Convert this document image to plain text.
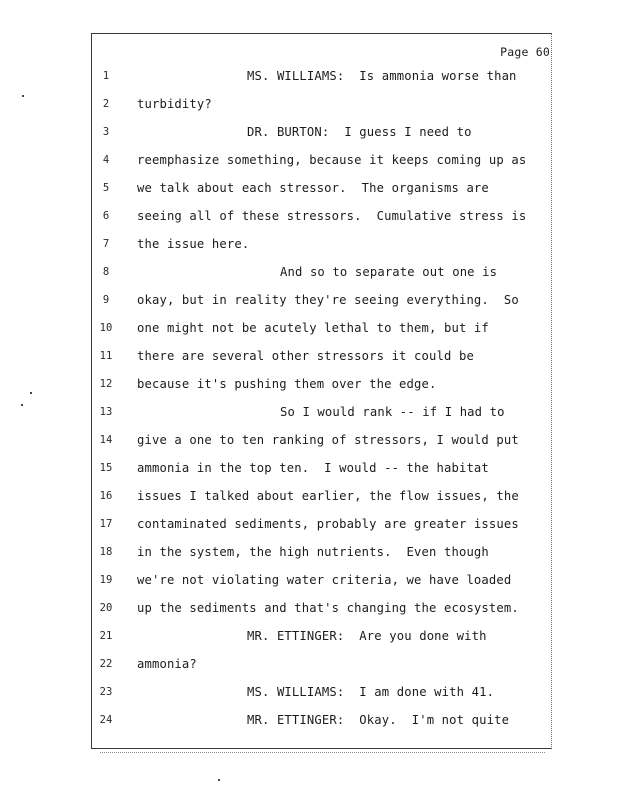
Page 60
1	MS. WILLIAMS:  Is ammonia worse than
2	turbidity?
3	DR. BURTON:  I guess I need to
4	reemphasize something, because it keeps coming up as
5	we talk about each stressor.  The organisms are
6	seeing all of these stressors.  Cumulative stress is
7	the issue here.
8	And so to separate out one is
9	okay, but in reality they're seeing everything.  So
10	one might not be acutely lethal to them, but if
11	there are several other stressors it could be
12	because it's pushing them over the edge.
13	So I would rank -- if I had to
14	give a one to ten ranking of stressors, I would put
15	ammonia in the top ten.  I would -- the habitat
16	issues I talked about earlier, the flow issues, the
17	contaminated sediments, probably are greater issues
18	in the system, the high nutrients.  Even though
19	we're not violating water criteria, we have loaded
20	up the sediments and that's changing the ecosystem.
21	MR. ETTINGER:  Are you done with
22	ammonia?
23	MS. WILLIAMS:  I am done with 41.
24	MR. ETTINGER:  Okay.  I'm not quite
